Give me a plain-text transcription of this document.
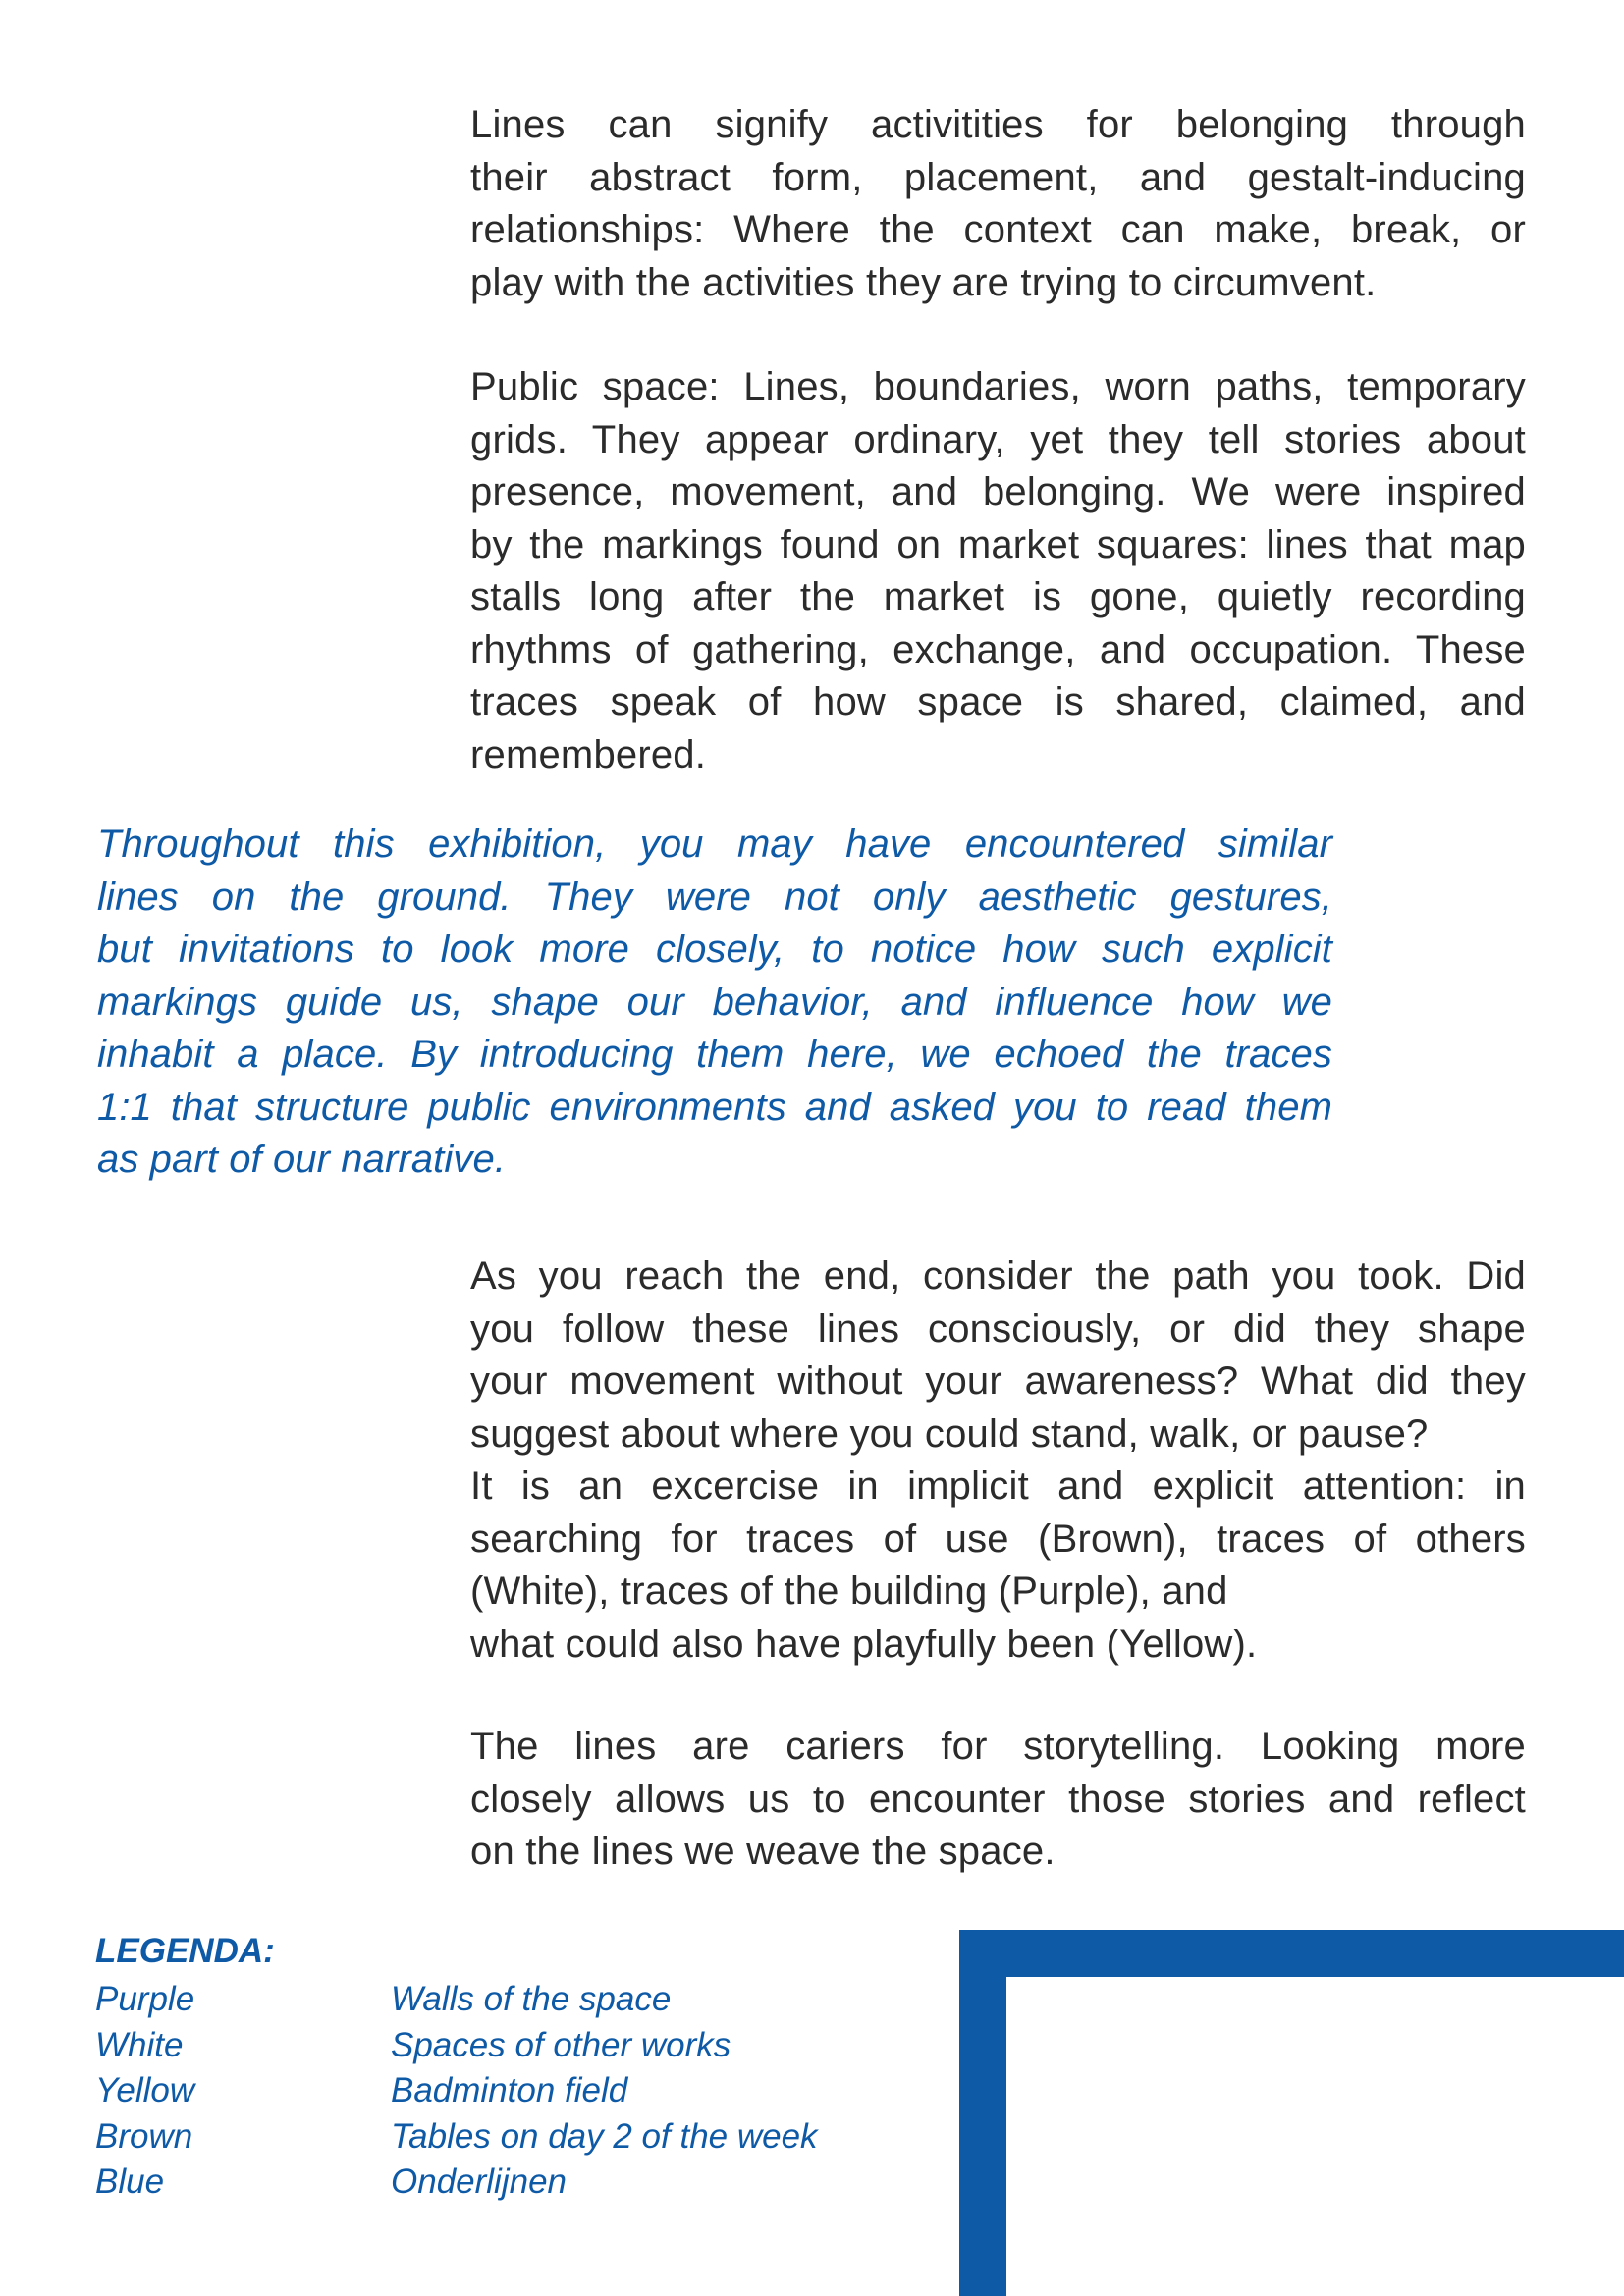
Lines can signify activitities for belonging through
their abstract form, placement, and gestalt-inducing
relationships: Where the context can make, break, or
play with the activities they are trying to circumvent.

Public space: Lines, boundaries, worn paths, temporary
grids. They appear ordinary, yet they tell stories about
presence, movement, and belonging. We were inspired
by the markings found on market squares: lines that map
stalls long after the market is gone, quietly recording
rhythms of gathering, exchange, and occupation. These
traces speak of how space is shared, claimed, and
remembered.

Throughout this exhibition, you may have encountered similar
lines on the ground. They were not only aesthetic gestures,
but invitations to look more closely, to notice how such explicit
markings guide us, shape our behavior, and influence how we
inhabit a place. By introducing them here, we echoed the traces
1:1 that structure public environments and asked you to read them
as part of our narrative.

As you reach the end, consider the path you took. Did
you follow these lines consciously, or did they shape
your movement without your awareness? What did they
suggest about where you could stand, walk, or pause?
It is an excercise in implicit and explicit attention: in
searching for traces of use (Brown), traces of others
(White), traces of the building (Purple), and
what could also have playfully been (Yellow).

The lines are cariers for storytelling. Looking more
closely allows us to encounter those stories and reflect
on the lines we weave the space.

LEGENDA:

Purple	Walls of the space
White	Spaces of other works
Yellow	Badminton field
Brown	Tables on day 2 of the week
Blue	Onderlijnen
